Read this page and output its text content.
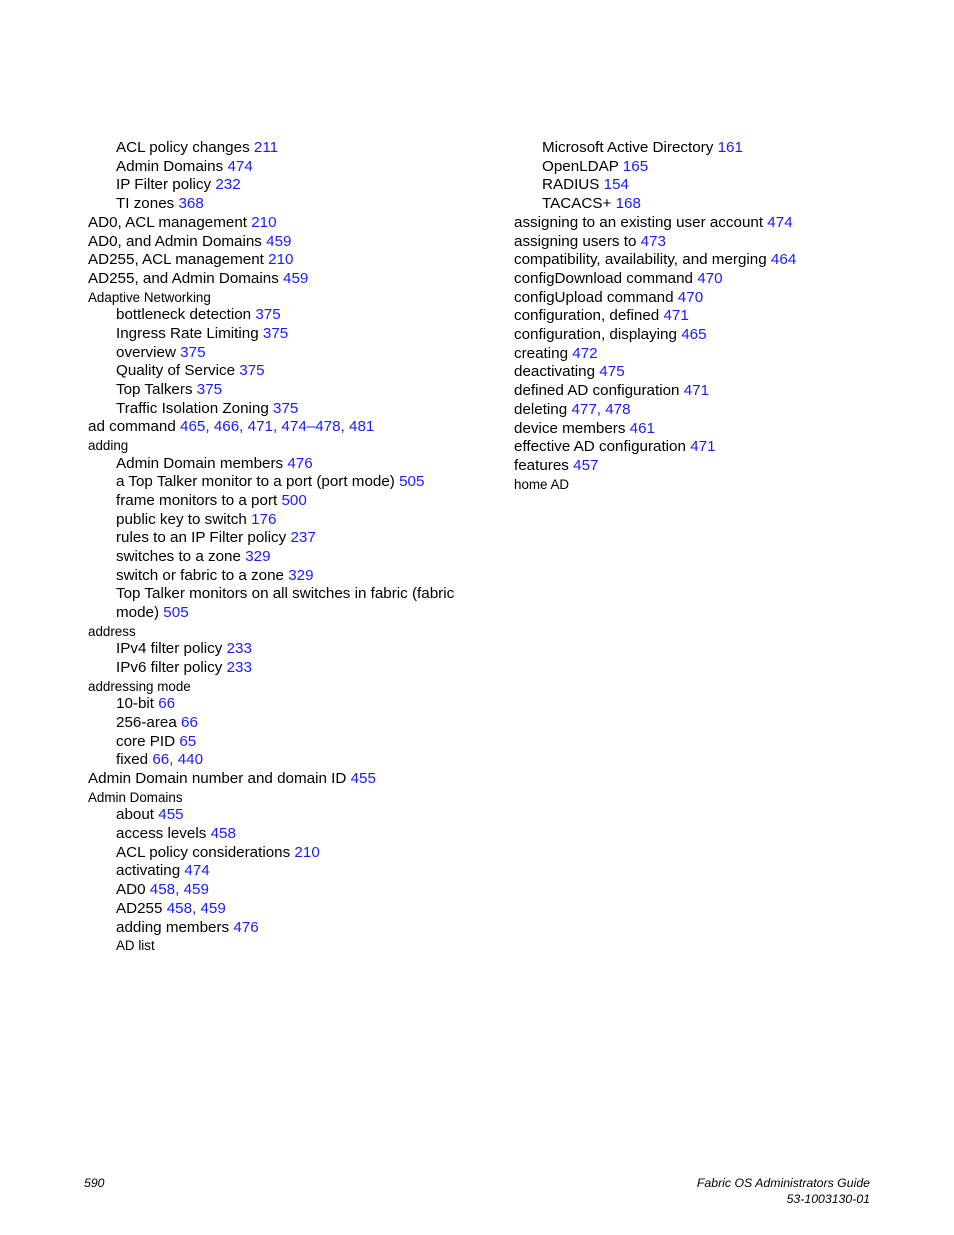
ACL policy changes 211
Admin Domains 474
IP Filter policy 232
TI zones 368
AD0, ACL management 210
AD0, and Admin Domains 459
AD255, ACL management 210
AD255, and Admin Domains 459
Adaptive Networking
bottleneck detection 375
Ingress Rate Limiting 375
overview 375
Quality of Service 375
Top Talkers 375
Traffic Isolation Zoning 375
ad command 465, 466, 471, 474–478, 481
adding
Admin Domain members 476
a Top Talker monitor to a port (port mode) 505
frame monitors to a port 500
public key to switch 176
rules to an IP Filter policy 237
switches to a zone 329
switch or fabric to a zone 329
Top Talker monitors on all switches in fabric (fabric mode) 505
address
IPv4 filter policy 233
IPv6 filter policy 233
addressing mode
10-bit 66
256-area 66
core PID 65
fixed 66, 440
Admin Domain number and domain ID 455
Admin Domains
about 455
access levels 458
ACL policy considerations 210
activating 474
AD0 458, 459
AD255 458, 459
adding members 476
AD list
Microsoft Active Directory 161
OpenLDAP 165
RADIUS 154
TACACS+ 168
assigning to an existing user account 474
assigning users to 473
compatibility, availability, and merging 464
configDownload command 470
configUpload command 470
configuration, defined 471
configuration, displaying 465
creating 472
deactivating 475
defined AD configuration 471
deleting 477, 478
device members 461
effective AD configuration 471
features 457
home AD
590	Fabric OS Administrators Guide
53-1003130-01
